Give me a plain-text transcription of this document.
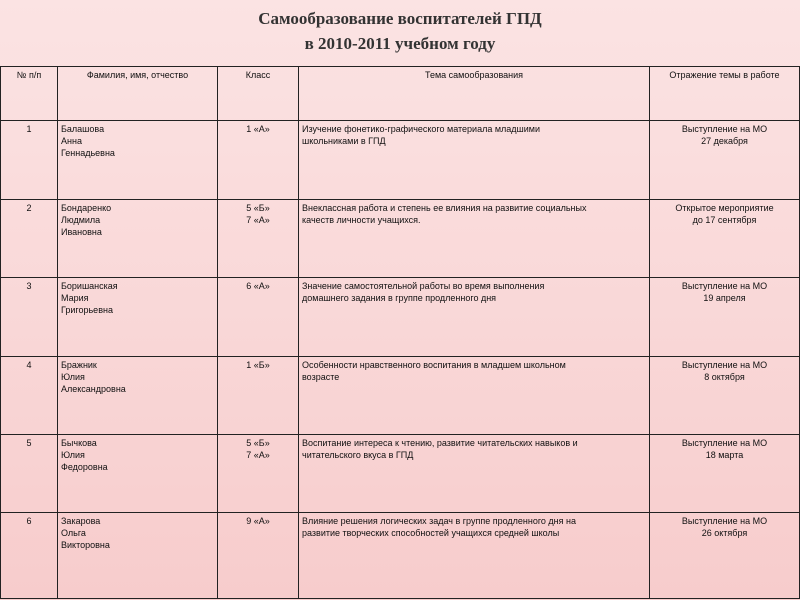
Самообразование воспитателей ГПД
в 2010-2011 учебном году
№ п/п	Фамилия, имя, отчество	Класс	Тема самообразования	Отражение темы в работе
1	Балашова
Анна
Геннадьевна	1 «А»	Изучение фонетико-графического материала младшими
школьниками в ГПД	Выступление на МО
27 декабря

2	Бондаренко
Людмила
Ивановна	5 «Б»
7 «А»	Внеклассная работа и степень ее влияния на развитие социальных
качеств личности учащихся.	Открытое мероприятие
до 17 сентября

3	Боришанская
Мария
Григорьевна	6 «А»	Значение самостоятельной работы во время выполнения
домашнего задания в группе продленного дня	Выступление на МО
19 апреля

4	Бражник
Юлия
Александровна	1 «Б»	Особенности нравственного воспитания в младшем школьном
возрасте	Выступление на МО
8 октября

5	Бычкова
Юлия
Федоровна	5 «Б»
7 «А»	Воспитание интереса к чтению, развитие читательских навыков и
читательского вкуса в ГПД	Выступление на МО
18 марта

6	Закарова
Ольга
Викторовна	9 «А»	Влияние решения логических задач в группе продленного дня на
развитие творческих способностей учащихся средней школы	Выступление на МО
26 октября
